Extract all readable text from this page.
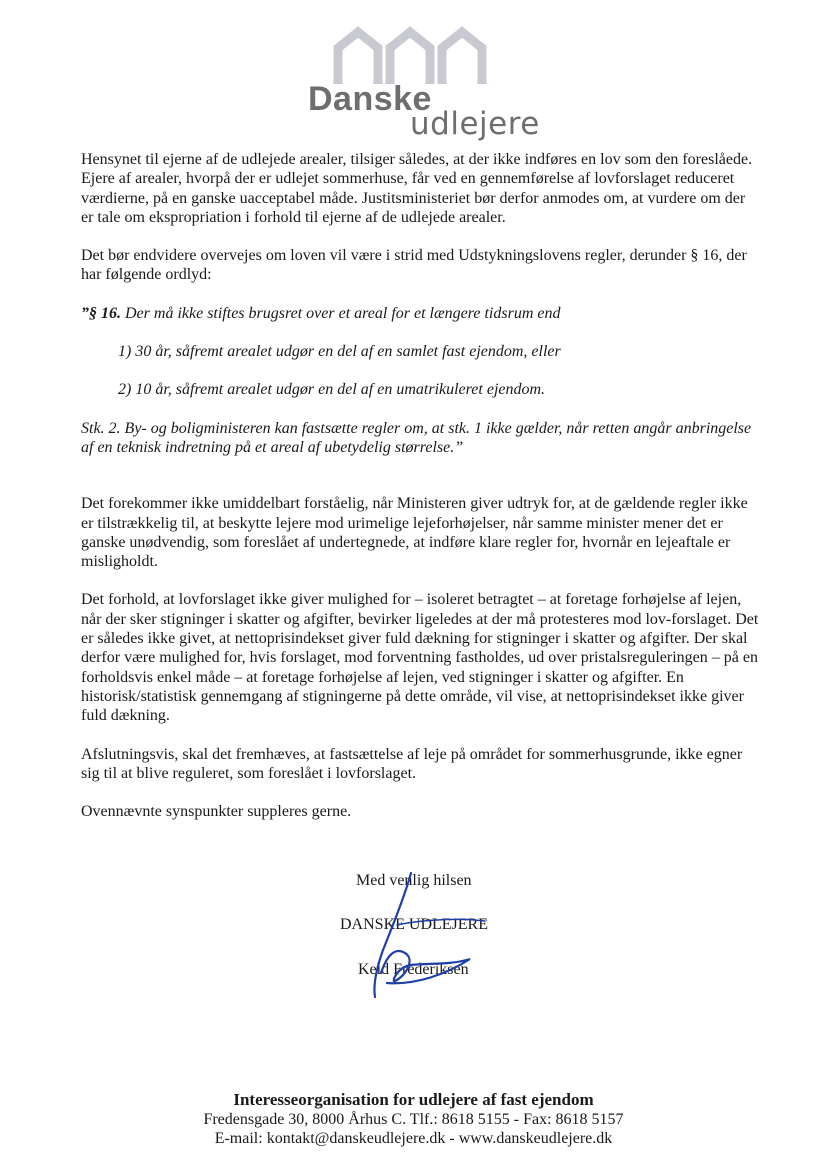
Danske
udlejere

Hensynet til ejerne af de udlejede arealer, tilsiger således, at der ikke indføres en lov som den foreslåede. Ejere af arealer, hvorpå der er udlejet sommerhuse, får ved en gennemførelse af lovforslaget reduceret værdierne, på en ganske uacceptabel måde. Justitsministeriet bør derfor anmodes om, at vurdere om der er tale om ekspropriation i forhold til ejerne af de udlejede arealer.

Det bør endvidere overvejes om loven vil være i strid med Udstykningslovens regler, derunder § 16, der har følgende ordlyd:

”§ 16. Der må ikke stiftes brugsret over et areal for et længere tidsrum end

1) 30 år, såfremt arealet udgør en del af en samlet fast ejendom, eller

2) 10 år, såfremt arealet udgør en del af en umatrikuleret ejendom.

Stk. 2. By- og boligministeren kan fastsætte regler om, at stk. 1 ikke gælder, når retten angår anbringelse af en teknisk indretning på et areal af ubetydelig størrelse.”

Det forekommer ikke umiddelbart forståelig, når Ministeren giver udtryk for, at de gældende regler ikke er tilstrækkelig til, at beskytte lejere mod urimelige lejeforhøjelser, når samme minister mener det er ganske unødvendig, som foreslået af undertegnede, at indføre klare regler for, hvornår en lejeaftale er misligholdt.

Det forhold, at lovforslaget ikke giver mulighed for – isoleret betragtet – at foretage forhøjelse af lejen, når der sker stigninger i skatter og afgifter, bevirker ligeledes at der må protesteres mod lov-forslaget. Det er således ikke givet, at nettoprisindekset giver fuld dækning for stigninger i skatter og afgifter. Der skal derfor være mulighed for, hvis forslaget, mod forventning fastholdes, ud over pristalsreguleringen – på en forholdsvis enkel måde – at foretage forhøjelse af lejen, ved stigninger i skatter og afgifter. En historisk/statistisk gennemgang af stigningerne på dette område, vil vise, at nettoprisindekset ikke giver fuld dækning.

Afslutningsvis, skal det fremhæves, at fastsættelse af leje på området for sommerhusgrunde, ikke egner sig til at blive reguleret, som foreslået i lovforslaget.

Ovennævnte synspunkter suppleres gerne.

Med venlig hilsen
DANSKE UDLEJERE
Keld Frederiksen
Interesseorganisation for udlejere af fast ejendom
Fredensgade 30, 8000 Århus C. Tlf.: 8618 5155 - Fax: 8618 5157
E-mail: kontakt@danskeudlejere.dk - www.danskeudlejere.dk
